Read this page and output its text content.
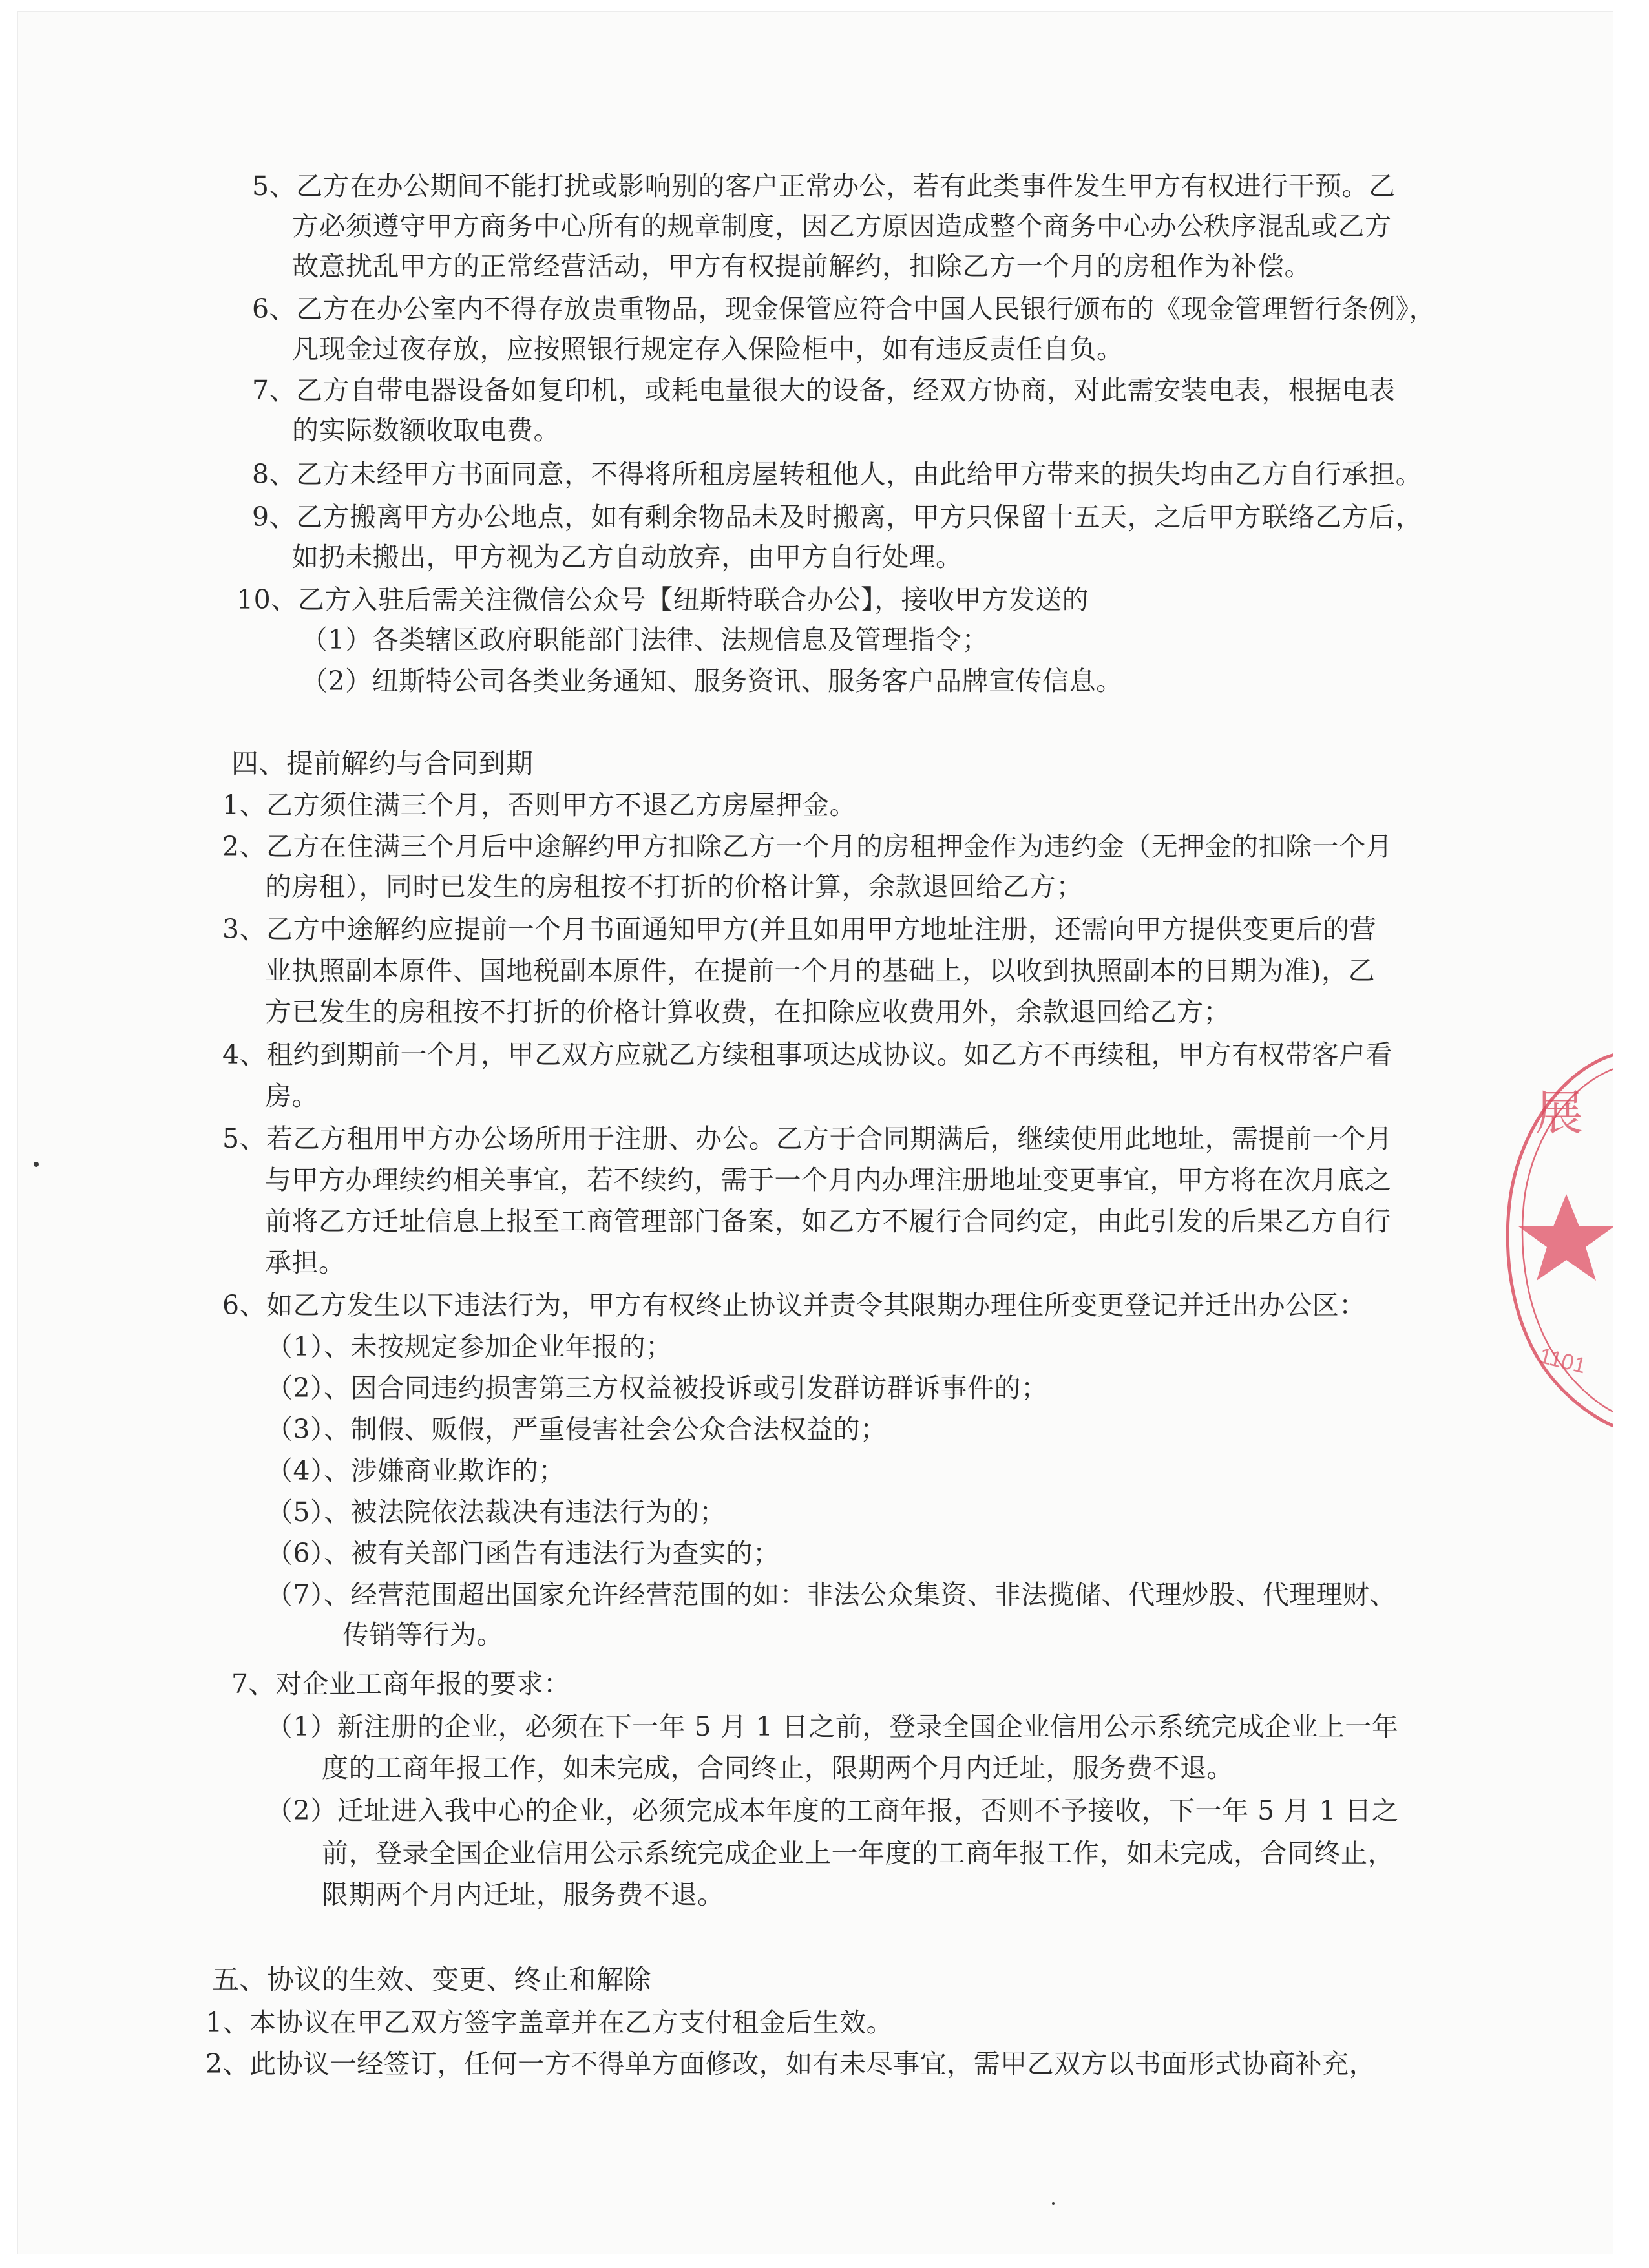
5、乙方在办公期间不能打扰或影响别的客户正常办公，若有此类事件发生甲方有权进行干预。乙

方必须遵守甲方商务中心所有的规章制度，因乙方原因造成整个商务中心办公秩序混乱或乙方

故意扰乱甲方的正常经营活动，甲方有权提前解约，扣除乙方一个月的房租作为补偿。

6、乙方在办公室内不得存放贵重物品，现金保管应符合中国人民银行颁布的《现金管理暂行条例》，

凡现金过夜存放，应按照银行规定存入保险柜中，如有违反责任自负。

7、乙方自带电器设备如复印机，或耗电量很大的设备，经双方协商，对此需安装电表，根据电表

的实际数额收取电费。

8、乙方未经甲方书面同意，不得将所租房屋转租他人，由此给甲方带来的损失均由乙方自行承担。

9、乙方搬离甲方办公地点，如有剩余物品未及时搬离，甲方只保留十五天，之后甲方联络乙方后，

如扔未搬出，甲方视为乙方自动放弃，由甲方自行处理。

10、乙方入驻后需关注微信公众号【纽斯特联合办公】，接收甲方发送的

（1）各类辖区政府职能部门法律、法规信息及管理指令；

（2）纽斯特公司各类业务通知、服务资讯、服务客户品牌宣传信息。

四、提前解约与合同到期

1、乙方须住满三个月，否则甲方不退乙方房屋押金。

2、乙方在住满三个月后中途解约甲方扣除乙方一个月的房租押金作为违约金（无押金的扣除一个月

的房租），同时已发生的房租按不打折的价格计算，余款退回给乙方；

3、乙方中途解约应提前一个月书面通知甲方(并且如用甲方地址注册，还需向甲方提供变更后的营

业执照副本原件、国地税副本原件，在提前一个月的基础上，以收到执照副本的日期为准)，乙

方已发生的房租按不打折的价格计算收费，在扣除应收费用外，余款退回给乙方；

4、租约到期前一个月，甲乙双方应就乙方续租事项达成协议。如乙方不再续租，甲方有权带客户看

房。

5、若乙方租用甲方办公场所用于注册、办公。乙方于合同期满后，继续使用此地址，需提前一个月

与甲方办理续约相关事宜，若不续约，需于一个月内办理注册地址变更事宜，甲方将在次月底之

前将乙方迁址信息上报至工商管理部门备案，如乙方不履行合同约定，由此引发的后果乙方自行

承担。

6、如乙方发生以下违法行为，甲方有权终止协议并责令其限期办理住所变更登记并迁出办公区：

（1）、未按规定参加企业年报的；

（2）、因合同违约损害第三方权益被投诉或引发群访群诉事件的；

（3）、制假、贩假，严重侵害社会公众合法权益的；

（4）、涉嫌商业欺诈的；

（5）、被法院依法裁决有违法行为的；

（6）、被有关部门函告有违法行为查实的；

（7）、经营范围超出国家允许经营范围的如：非法公众集资、非法揽储、代理炒股、代理理财、

传销等行为。

7、对企业工商年报的要求：

（1）新注册的企业，必须在下一年 5 月 1 日之前，登录全国企业信用公示系统完成企业上一年

度的工商年报工作，如未完成，合同终止，限期两个月内迁址，服务费不退。

（2）迁址进入我中心的企业，必须完成本年度的工商年报，否则不予接收，下一年 5 月 1 日之

前，登录全国企业信用公示系统完成企业上一年度的工商年报工作，如未完成，合同终止，

限期两个月内迁址，服务费不退。

五、协议的生效、变更、终止和解除

1、本协议在甲乙双方签字盖章并在乙方支付租金后生效。

2、此协议一经签订，任何一方不得单方面修改，如有未尽事宜，需甲乙双方以书面形式协商补充，

展
1101
